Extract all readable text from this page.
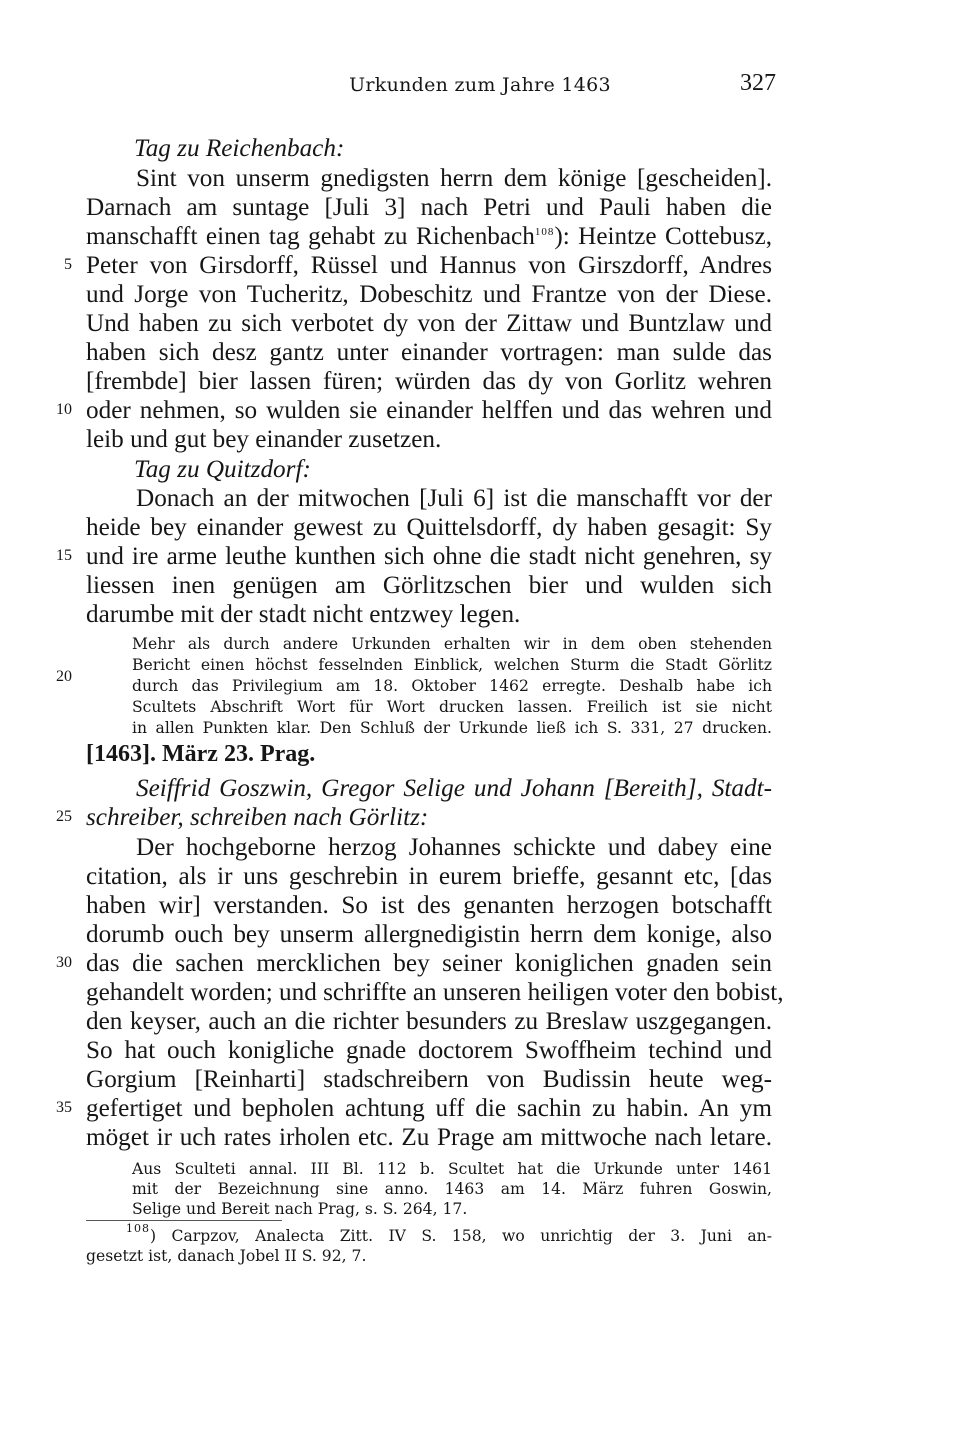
Urkunden zum Jahre 1463	327
Tag zu Reichenbach:
Sint von unserm gnedigsten herrn dem könige [gescheiden].
Darnach am suntage [Juli 3] nach Petri und Pauli haben die
manschafft einen tag gehabt zu Richenbach$^{108}$): Heintze Cottebusz,
Peter von Girsdorff, Rüssel und Hannus von Girszdorff, Andres
und Jorge von Tucheritz, Dobeschitz und Frantze von der Diese.
Und haben zu sich verbotet dy von der Zittaw und Buntzlaw und
haben sich desz gantz unter einander vortragen: man sulde das
[frembde] bier lassen füren; würden das dy von Gorlitz wehren
oder nehmen, so wulden sie einander helffen und das wehren und
leib und gut bey einander zusetzen.
Tag zu Quitzdorf:
Donach an der mitwochen [Juli 6] ist die manschafft vor der
heide bey einander gewest zu Quittelsdorff, dy haben gesagit: Sy
und ire arme leuthe kunthen sich ohne die stadt nicht genehren, sy
liessen inen genügen am Görlitzschen bier und wulden sich
darumbe mit der stadt nicht entzwey legen.
Mehr als durch andere Urkunden erhalten wir in dem oben stehenden
Bericht einen höchst fesselnden Einblick, welchen Sturm die Stadt Görlitz
durch das Privilegium am 18. Oktober 1462 erregte. Deshalb habe ich
Scultets Abschrift Wort für Wort drucken lassen. Freilich ist sie nicht
in allen Punkten klar. Den Schluß der Urkunde ließ ich S. 331, 27 drucken.
[1463]. März 23. Prag.
Seiffrid Goszwin, Gregor Selige und Johann [Bereith], Stadt-
schreiber, schreiben nach Görlitz:
Der hochgeborne herzog Johannes schickte und dabey eine
citation, als ir uns geschrebin in eurem brieffe, gesannt etc, [das
haben wir] verstanden. So ist des genanten herzogen botschafft
dorumb ouch bey unserm allergnedigistin herrn dem konige, also
das die sachen mercklichen bey seiner koniglichen gnaden sein
gehandelt worden; und schriffte an unseren heiligen voter den bobist,
den keyser, auch an die richter besunders zu Breslaw uszgegangen.
So hat ouch konigliche gnade doctorem Swoffheim techind und
Gorgium [Reinharti] stadschreibern von Budissin heute weg-
gefertiget und bepholen achtung uff die sachin zu habin. An ym
möget ir uch rates irholen etc. Zu Prage am mittwoche nach letare.
Aus Sculteti annal. III Bl. 112 b. Scultet hat die Urkunde unter 1461
mit der Bezeichnung sine anno. 1463 am 14. März fuhren Goswin,
Selige und Bereit nach Prag, s. S. 264, 17.
$^{108}$) Carpzov, Analecta Zitt. IV S. 158, wo unrichtig der 3. Juni an-
gesetzt ist, danach Jobel II S. 92, 7.
5
10
15
20
25
30
35
